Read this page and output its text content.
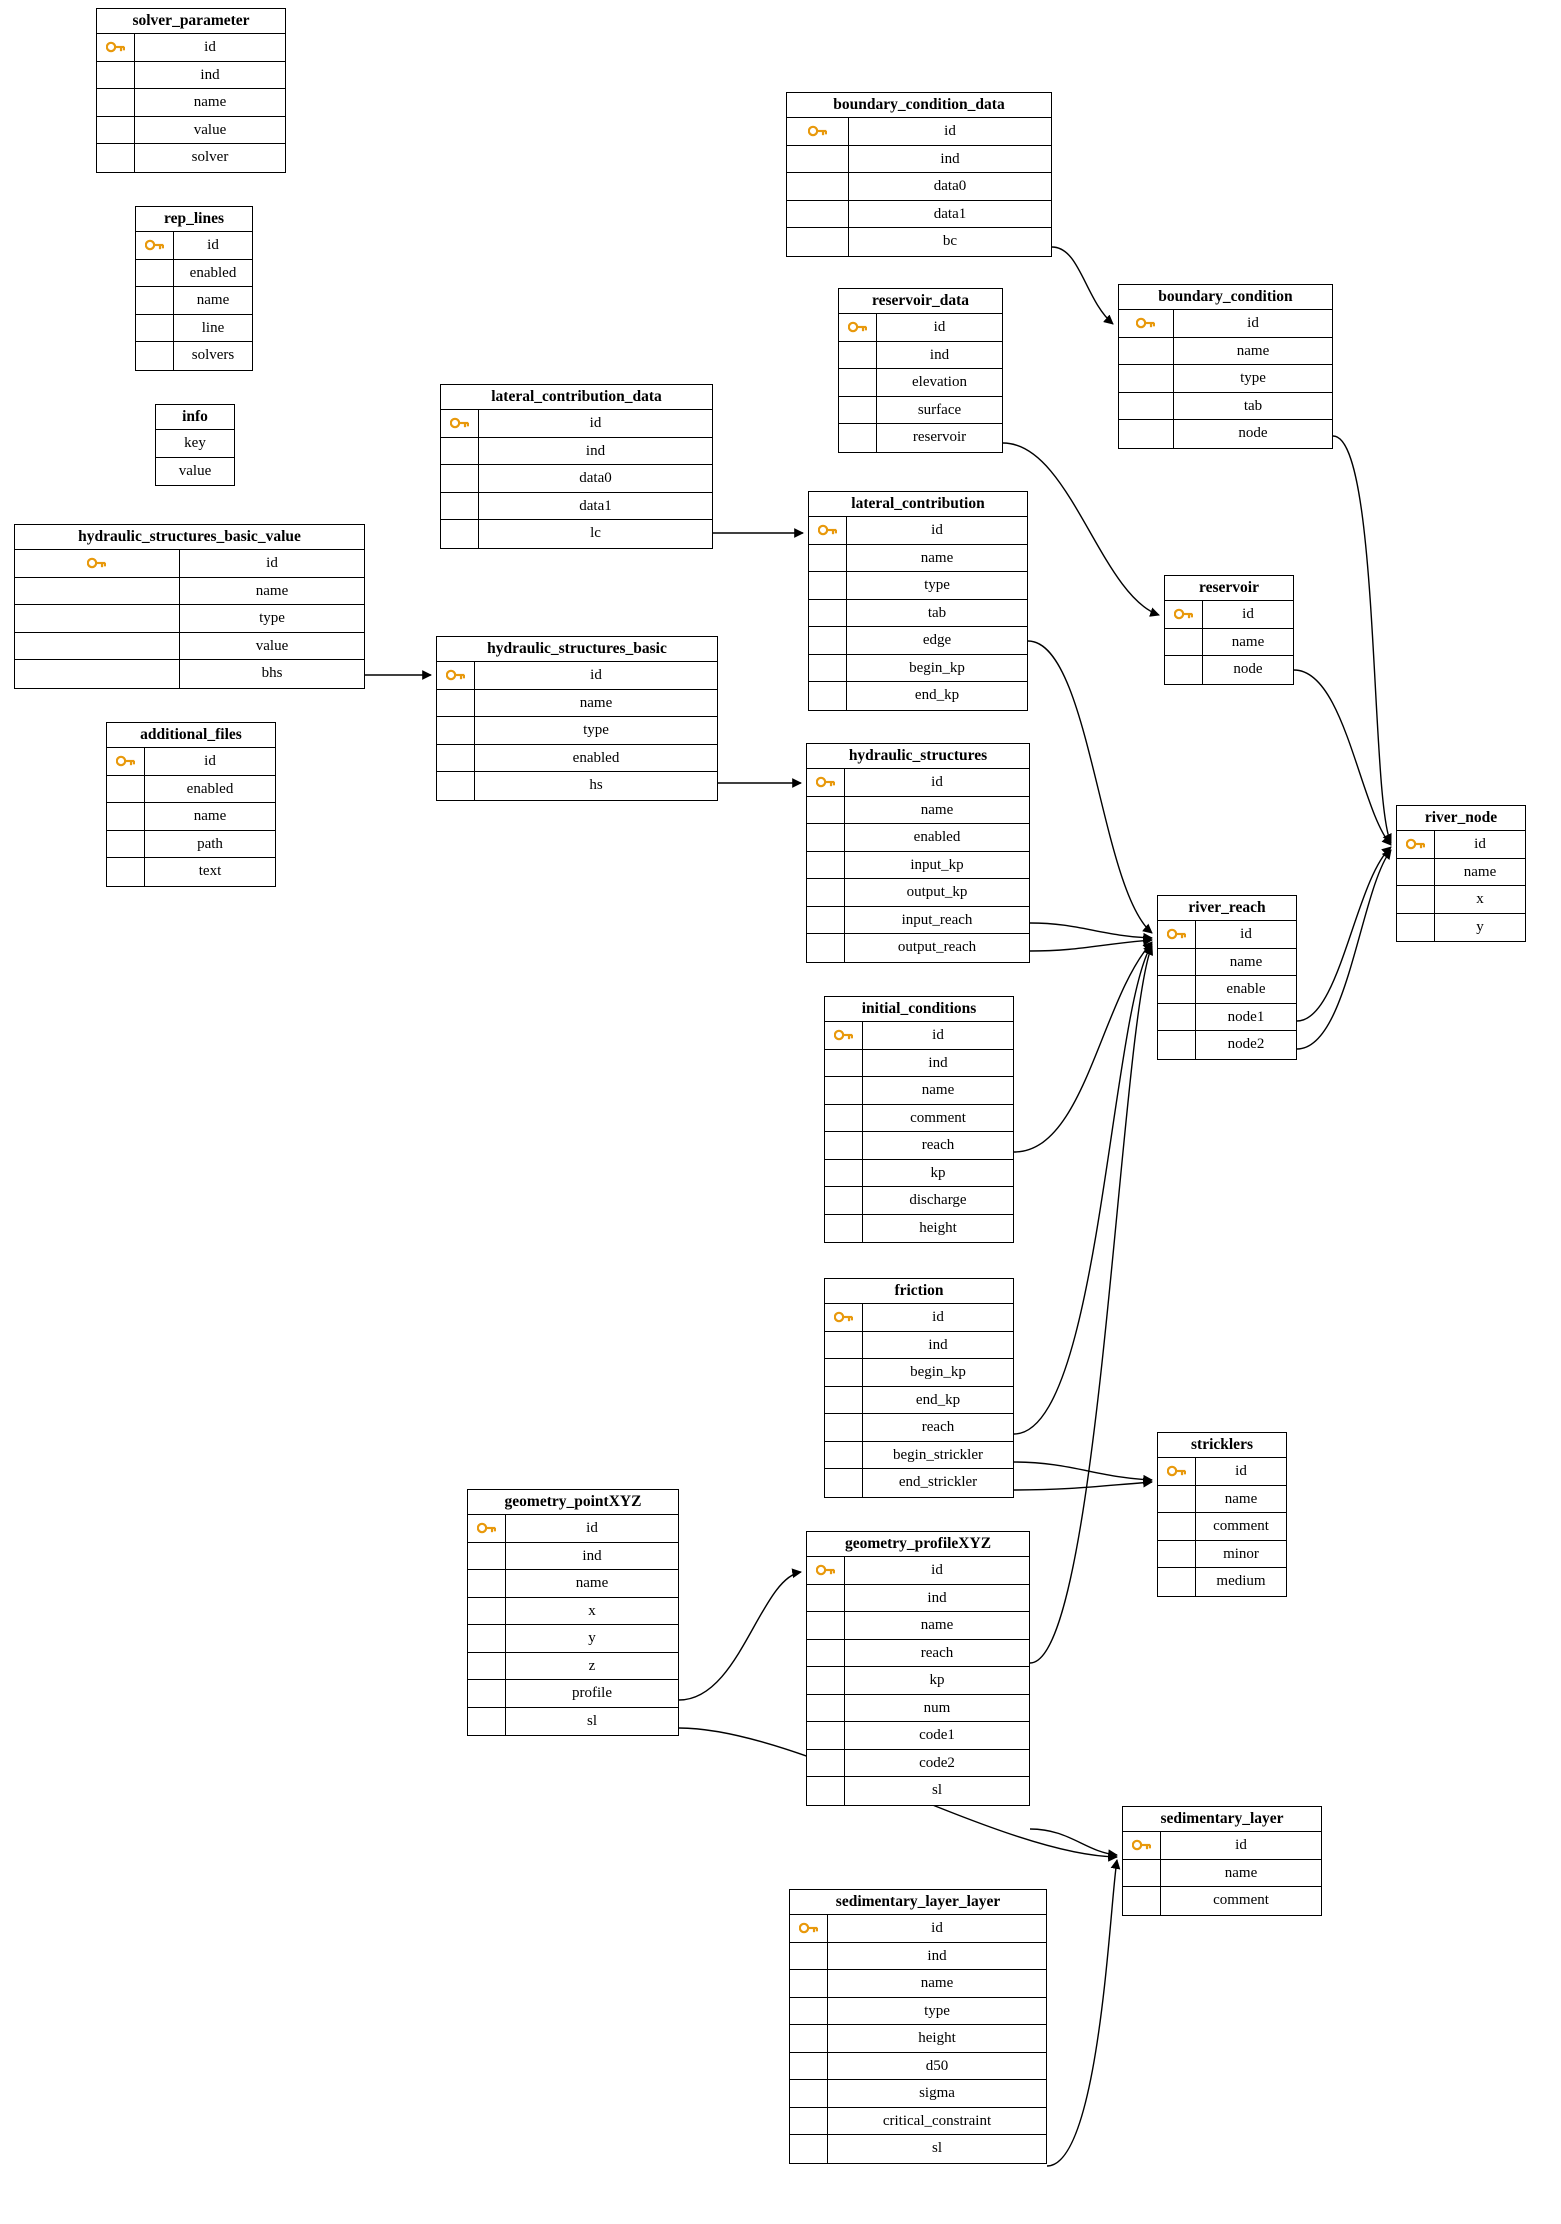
solver_parameter
id
ind
name
value
solver
rep_lines
id
enabled
name
line
solvers
info
key
value
hydraulic_structures_basic_value
id
name
type
value
bhs
additional_files
id
enabled
name
path
text
lateral_contribution_data
id
ind
data0
data1
lc
hydraulic_structures_basic
id
name
type
enabled
hs
boundary_condition_data
id
ind
data0
data1
bc
reservoir_data
id
ind
elevation
surface
reservoir
lateral_contribution
id
name
type
tab
edge
begin_kp
end_kp
hydraulic_structures
id
name
enabled
input_kp
output_kp
input_reach
output_reach
initial_conditions
id
ind
name
comment
reach
kp
discharge
height
friction
id
ind
begin_kp
end_kp
reach
begin_strickler
end_strickler
geometry_pointXYZ
id
ind
name
x
y
z
profile
sl
geometry_profileXYZ
id
ind
name
reach
kp
num
code1
code2
sl
sedimentary_layer_layer
id
ind
name
type
height
d50
sigma
critical_constraint
sl
boundary_condition
id
name
type
tab
node
reservoir
id
name
node
river_reach
id
name
enable
node1
node2
river_node
id
name
x
y
stricklers
id
name
comment
minor
medium
sedimentary_layer
id
name
comment
